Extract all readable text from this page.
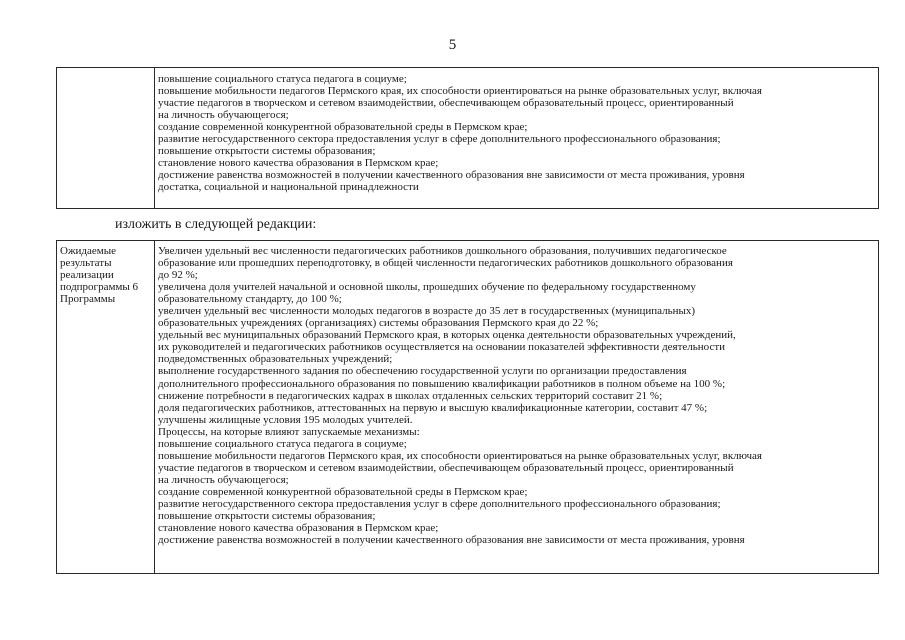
5
повышение социального статуса педагога в социуме;
повышение мобильности педагогов Пермского края, их способности ориентироваться на рынке образовательных услуг, включая
участие педагогов в творческом и сетевом взаимодействии, обеспечивающем образовательный процесс, ориентированный
на личность обучающегося;
создание современной конкурентной образовательной среды в Пермском крае;
развитие негосударственного сектора предоставления услуг в сфере дополнительного профессионального образования;
повышение открытости системы образования;
становление нового качества образования в Пермском крае;
достижение равенства возможностей в получении качественного образования вне зависимости от места проживания, уровня
достатка, социальной и национальной принадлежности
изложить в следующей редакции:
Ожидаемые
результаты
реализации
подпрограммы 6
Программы
Увеличен удельный вес численности педагогических работников дошкольного образования, получивших педагогическое
образование или прошедших переподготовку, в общей численности педагогических работников дошкольного образования
до 92 %;
увеличена доля учителей начальной и основной школы, прошедших обучение по федеральному государственному
образовательному стандарту, до 100 %;
увеличен удельный вес численности молодых педагогов в возрасте до 35 лет в государственных (муниципальных)
образовательных учреждениях (организациях) системы образования Пермского края до 22 %;
удельный вес муниципальных образований Пермского края, в которых оценка деятельности образовательных учреждений,
их руководителей и педагогических работников осуществляется на основании показателей эффективности деятельности
подведомственных образовательных учреждений;
выполнение государственного задания по обеспечению государственной услуги по организации предоставления
дополнительного профессионального образования по повышению квалификации работников в полном объеме на 100 %;
снижение потребности в педагогических кадрах в школах отдаленных сельских территорий составит 21 %;
доля педагогических работников, аттестованных на первую и высшую квалификационные категории, составит 47 %;
улучшены жилищные условия 195 молодых учителей.
Процессы, на которые влияют запускаемые механизмы:
повышение социального статуса педагога в социуме;
повышение мобильности педагогов Пермского края, их способности ориентироваться на рынке образовательных услуг, включая
участие педагогов в творческом и сетевом взаимодействии, обеспечивающем образовательный процесс, ориентированный
на личность обучающегося;
создание современной конкурентной образовательной среды в Пермском крае;
развитие негосударственного сектора предоставления услуг в сфере дополнительного профессионального образования;
повышение открытости системы образования;
становление нового качества образования в Пермском крае;
достижение равенства возможностей в получении качественного образования вне зависимости от места проживания, уровня
